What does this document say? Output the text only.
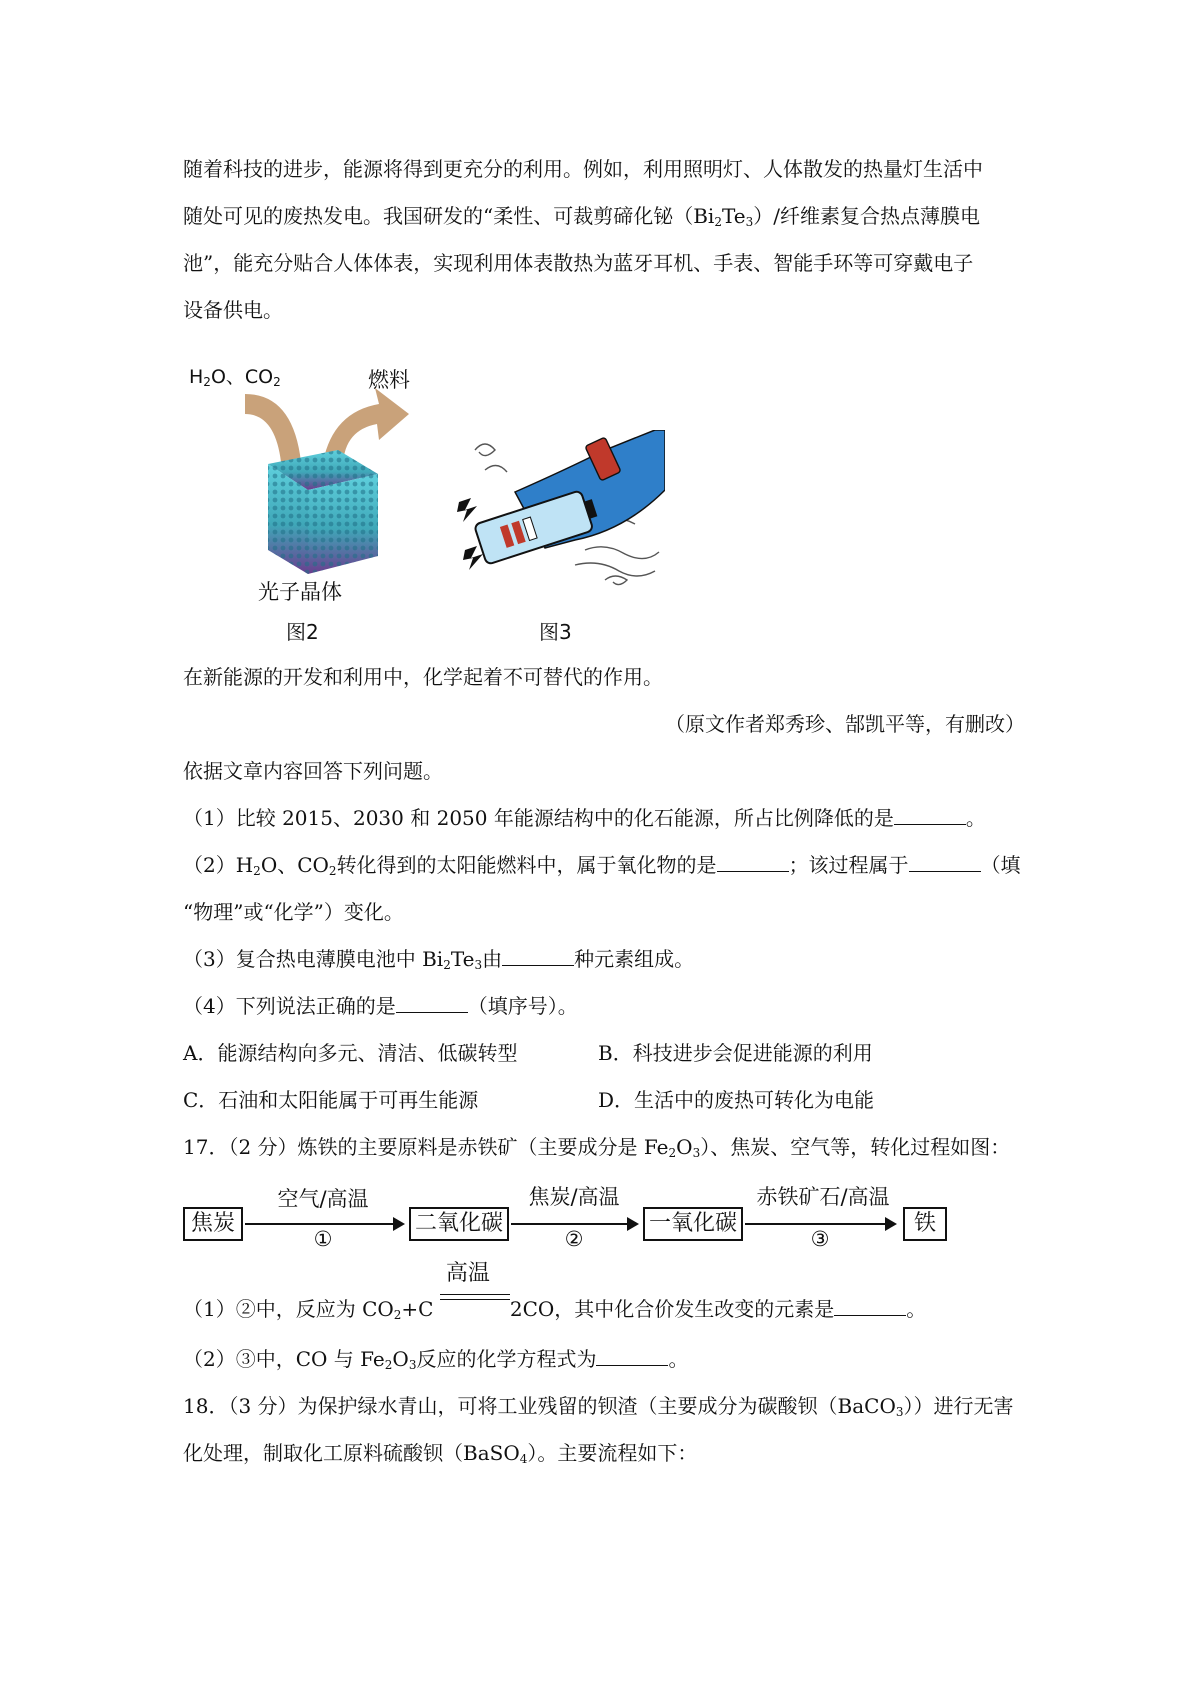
随着科技的进步，能源将得到更充分的利用。例如，利用照明灯、人体散发的热量灯生活中
随处可见的废热发电。我国研发的“柔性、可裁剪碲化铋$(Bi_2Te_3)/$纤维素复合热点薄膜电
池”，能充分贴合人体体表，实现利用体表散热为蓝牙耳机、手表、智能手环等可穿戴电子
设备供电。
$H_2O$、$CO_2$	燃料
光子晶体
图2	图3
在新能源的开发和利用中，化学起着不可替代的作用。
（原文作者郑秀珍、郜凯平等，有删改）
依据文章内容回答下列问题。
（1）比较 2015、2030 和 2050 年能源结构中的化石能源，所占比例降低的是	。
$(2)H_2O$、$CO_2$转化得到的太阳能燃料中，属于氧化物的是	；该过程属于	（填
“物理”或“化学”）变化。
（3）复合热电薄膜电池中 $Bi_2Te_3$由	种元素组成。
（4）下列说法正确的是	（填序号）。
A．能源结构向多元、清洁、低碳转型	B．科技进步会促进能源的利用
C．石油和太阳能属于可再生能源	D．生活中的废热可转化为电能
17．（2 分）炼铁的主要原料是赤铁矿（主要成分是 $Fe_2O_3$）、焦炭、空气等，转化过程如图：
焦炭
空气/高温
①
二氧化碳
焦炭/高温
②
一氧化碳
赤铁矿石/高温
③
铁
（1）②中，反应为 $CO_2+C$
高温
2CO，其中化合价发生改变的元素是	。
（2）③中，CO 与 $Fe_2O_3$反应的化学方程式为	。
18．（3 分）为保护绿水青山，可将工业残留的钡渣（主要成分为碳酸钡（BaCO$_3$））进行无害
化处理，制取化工原料硫酸钡（BaSO$_4$）。主要流程如下：
